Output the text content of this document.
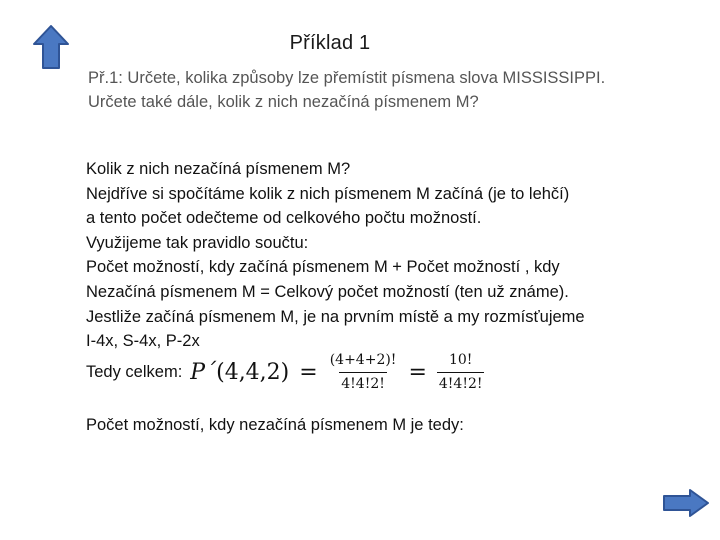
Příklad 1
Př.1: Určete, kolika způsoby lze přemístit písmena slova MISSISSIPPI.
Určete také dále, kolik z nich nezačíná písmenem M?
Kolik z nich nezačíná písmenem M?
Nejdříve si spočítáme kolik z nich písmenem M začíná (je to lehčí)
a tento počet odečteme od celkového počtu možností.
Využijeme tak pravidlo součtu:
Počet možností, kdy začíná písmenem M + Počet možností , kdy
Nezačíná písmenem M = Celkový počet možností (ten už známe).
Jestliže začíná písmenem M, je na prvním místě a my rozmísťujeme
I-4x, S-4x, P-2x
Tedy celkem: P´ $(4,4,2) = \frac{(4+4+2)!}{4!4!2!} = \frac{10!}{4!4!2!}$
Počet možností, kdy nezačíná písmenem M je tedy:
